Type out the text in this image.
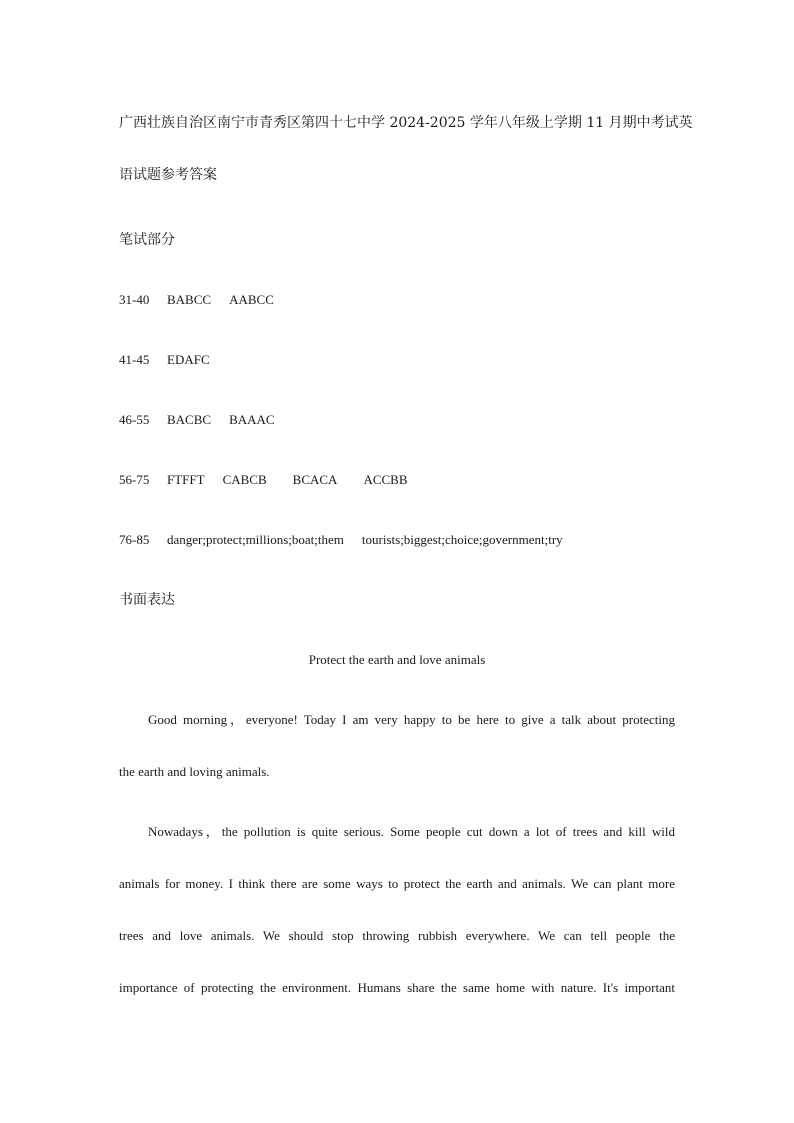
广西壮族自治区南宁市青秀区第四十七中学 2024-2025 学年八年级上学期 11 月期中考试英
语试题参考答案
笔试部分
31-40 BABCC AABCC
41-45 EDAFC
46-55 BACBC BAAAC
56-75 FTFFT CABCB BCACA ACCBB
76-85 danger;protect;millions;boat;them tourists;biggest;choice;government;try
书面表达
Protect the earth and love animals
Good morning，everyone! Today I am very happy to be here to give a talk about protecting
the earth and loving animals.
Nowadays，the pollution is quite serious. Some people cut down a lot of trees and kill wild
animals for money. I think there are some ways to protect the earth and animals. We can plant more
trees and love animals. We should stop throwing rubbish everywhere. We can tell people the
importance of protecting the environment. Humans share the same home with nature. It's important
